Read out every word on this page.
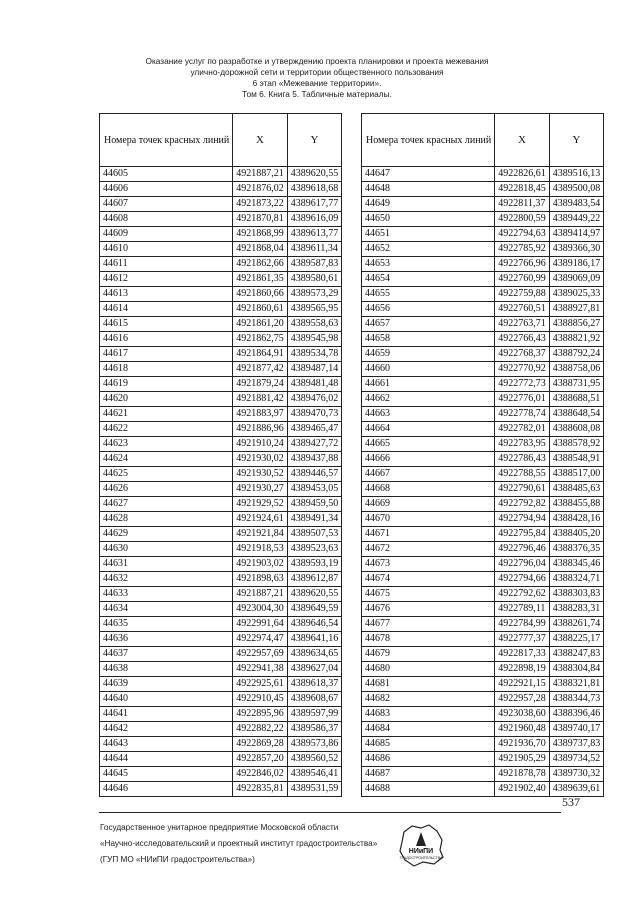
Оказание услуг по разработке и утверждению проекта планировки и проекта межевания
улично-дорожной сети и территории общественного пользования
6 этап «Межевание территории».
Том 6. Книга 5. Табличные материалы.
Номера точек красных линий	X	Y
44605	4921887,21	4389620,55
44606	4921876,02	4389618,68
44607	4921873,22	4389617,77
44608	4921870,81	4389616,09
44609	4921868,99	4389613,77
44610	4921868,04	4389611,34
44611	4921862,66	4389587,83
44612	4921861,35	4389580,61
44613	4921860,66	4389573,29
44614	4921860,61	4389565,95
44615	4921861,20	4389558,63
44616	4921862,75	4389545,98
44617	4921864,91	4389534,78
44618	4921877,42	4389487,14
44619	4921879,24	4389481,48
44620	4921881,42	4389476,02
44621	4921883,97	4389470,73
44622	4921886,96	4389465,47
44623	4921910,24	4389427,72
44624	4921930,02	4389437,88
44625	4921930,52	4389446,57
44626	4921930,27	4389453,05
44627	4921929,52	4389459,50
44628	4921924,61	4389491,34
44629	4921921,84	4389507,53
44630	4921918,53	4389523,63
44631	4921903,02	4389593,19
44632	4921898,63	4389612,87
44633	4921887,21	4389620,55
44634	4923004,30	4389649,59
44635	4922991,64	4389646,54
44636	4922974,47	4389641,16
44637	4922957,69	4389634,65
44638	4922941,38	4389627,04
44639	4922925,61	4389618,37
44640	4922910,45	4389608,67
44641	4922895,96	4389597,99
44642	4922882,22	4389586,37
44643	4922869,28	4389573,86
44644	4922857,20	4389560,52
44645	4922846,02	4389546,41
44646	4922835,81	4389531,59
Номера точек красных линий	X	Y
44647	4922826,61	4389516,13
44648	4922818,45	4389500,08
44649	4922811,37	4389483,54
44650	4922800,59	4389449,22
44651	4922794,63	4389414,97
44652	4922785,92	4389366,30
44653	4922766,96	4389186,17
44654	4922760,99	4389069,09
44655	4922759,88	4389025,33
44656	4922760,51	4388927,81
44657	4922763,71	4388856,27
44658	4922766,43	4388821,92
44659	4922768,37	4388792,24
44660	4922770,92	4388758,06
44661	4922772,73	4388731,95
44662	4922776,01	4388688,51
44663	4922778,74	4388648,54
44664	4922782,01	4388608,08
44665	4922783,95	4388578,92
44666	4922786,43	4388548,91
44667	4922788,55	4388517,00
44668	4922790,61	4388485,63
44669	4922792,82	4388455,88
44670	4922794,94	4388428,16
44671	4922795,84	4388405,20
44672	4922796,46	4388376,35
44673	4922796,04	4388345,46
44674	4922794,66	4388324,71
44675	4922792,62	4388303,83
44676	4922789,11	4388283,31
44677	4922784,99	4388261,74
44678	4922777,37	4388225,17
44679	4922817,33	4388247,83
44680	4922898,19	4388304,84
44681	4922921,15	4388321,81
44682	4922957,28	4388344,73
44683	4923038,60	4388396,46
44684	4921960,48	4389740,17
44685	4921936,70	4389737,83
44686	4921905,29	4389734,52
44687	4921878,78	4389730,32
44688	4921902,40	4389639,61
537
Государственное унитарное предприятие Московской области
«Научно-исследовательский и проектный институт градостроительства»
(ГУП МО «НИиПИ градостроительства»)
НИиПИ
ГРАДОСТРОИТЕЛЬСТВА
